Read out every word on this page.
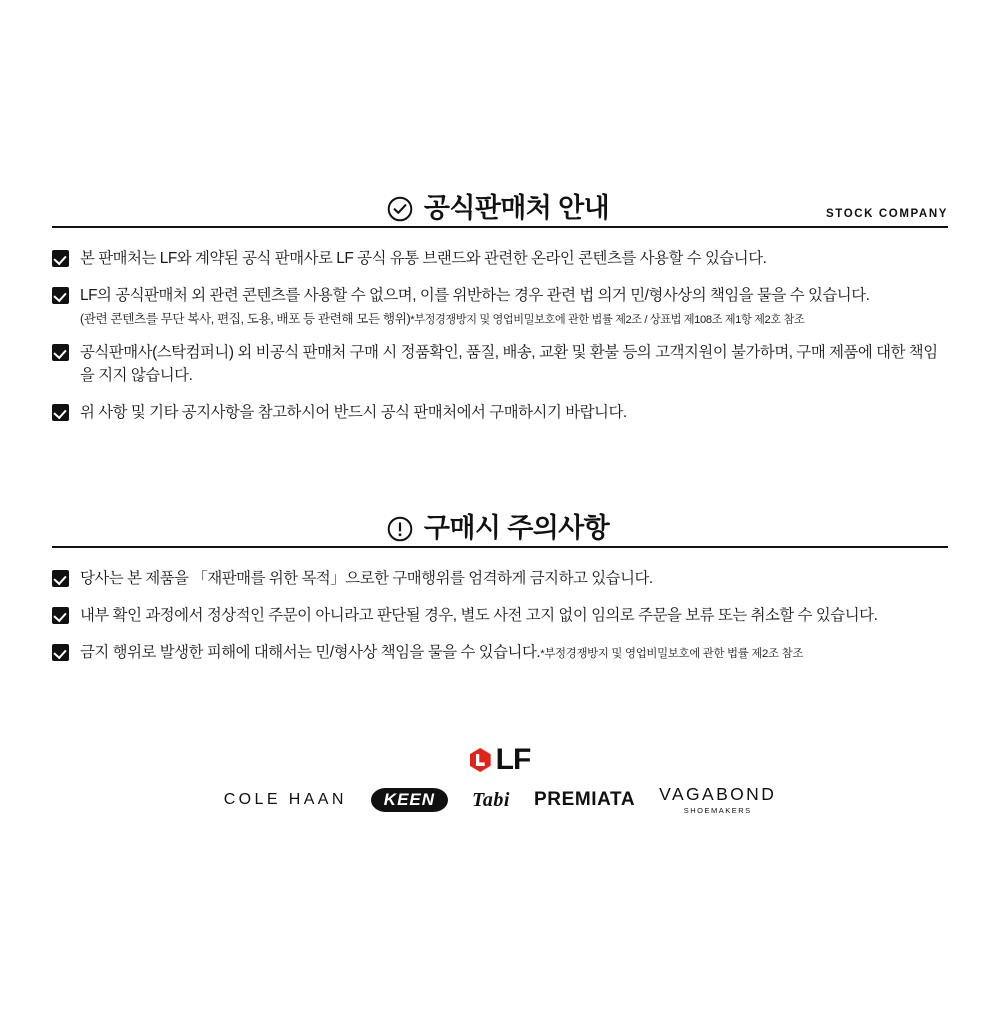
공식판매처 안내	STOCK COMPANY
본 판매처는 LF와 계약된 공식 판매사로 LF 공식 유통 브랜드와 관련한 온라인 콘텐츠를 사용할 수 있습니다.
LF의 공식판매처 외 관련 콘텐츠를 사용할 수 없으며, 이를 위반하는 경우 관련 법 의거 민/형사상의 책임을 물을 수 있습니다.
(관련 콘텐츠를 무단 복사, 편집, 도용, 배포 등 관련해 모든 행위)*부정경쟁방지 및 영업비밀보호에 관한 법률 제2조 / 상표법 제108조 제1항 제2호 참조
공식판매사(스탁컴퍼니) 외 비공식 판매처 구매 시 정품확인, 품질, 배송, 교환 및 환불 등의 고객지원이 불가하며, 구매 제품에 대한 책임을 지지 않습니다.
위 사항 및 기타 공지사항을 참고하시어 반드시 공식 판매처에서 구매하시기 바랍니다.
구매시 주의사항
당사는 본 제품을 「재판매를 위한 목적」으로한 구매행위를 엄격하게 금지하고 있습니다.
내부 확인 과정에서 정상적인 주문이 아니라고 판단될 경우, 별도 사전 고지 없이 임의로 주문을 보류 또는 취소할 수 있습니다.
금지 행위로 발생한 피해에 대해서는 민/형사상 책임을 물을 수 있습니다.*부정경쟁방지 및 영업비밀보호에 관한 법률 제2조 참조
LF
COLE HAAN	KEEN	Tabi PREMIATA VAGABOND
SHOEMAKERS
